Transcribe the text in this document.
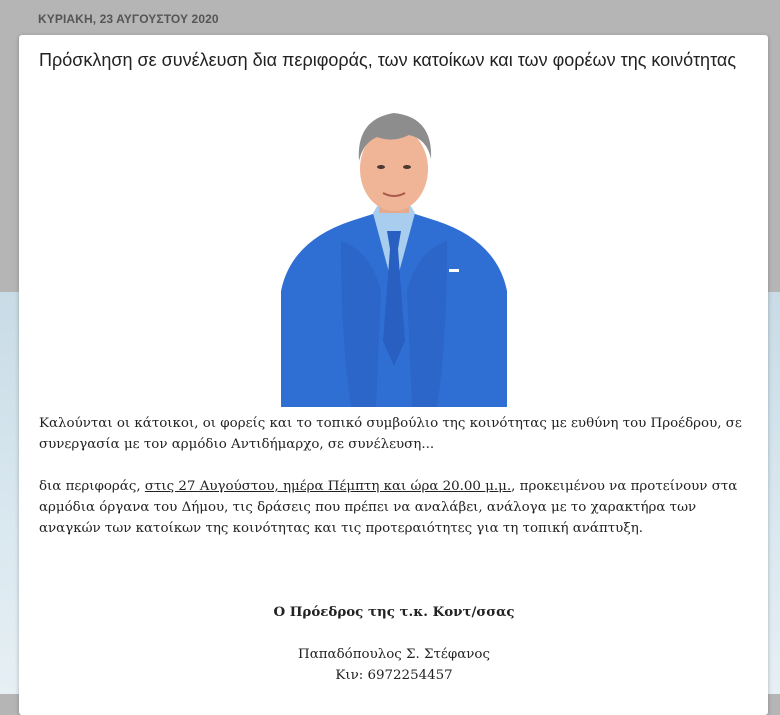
ΚΥΡΙΑΚΗ, 23 ΑΥΓΟΥΣΤΟΥ 2020
Πρόσκληση σε συνέλευση δια περιφοράς, των κατοίκων και των φορέων της κοινότητας

Καλούνται οι κάτοικοι, οι φορείς και το τοπικό συμβούλιο της κοινότητας με ευθύνη του Προέδρου, σε συνεργασία με τον αρμόδιο Αντιδήμαρχο, σε συνέλευση...

δια περιφοράς, στις 27 Αυγούστου, ημέρα Πέμπτη και ώρα 20.00 μ.μ., προκειμένου να προτείνουν στα αρμόδια όργανα του Δήμου, τις δράσεις που πρέπει να αναλάβει, ανάλογα με το χαρακτήρα των αναγκών των κατοίκων της κοινότητας και τις προτεραιότητες για τη τοπική ανάπτυξη.

Ο Πρόεδρος της τ.κ. Κοντ/σσας
Παπαδόπουλος Σ. Στέφανος
Κιν: 6972254457
